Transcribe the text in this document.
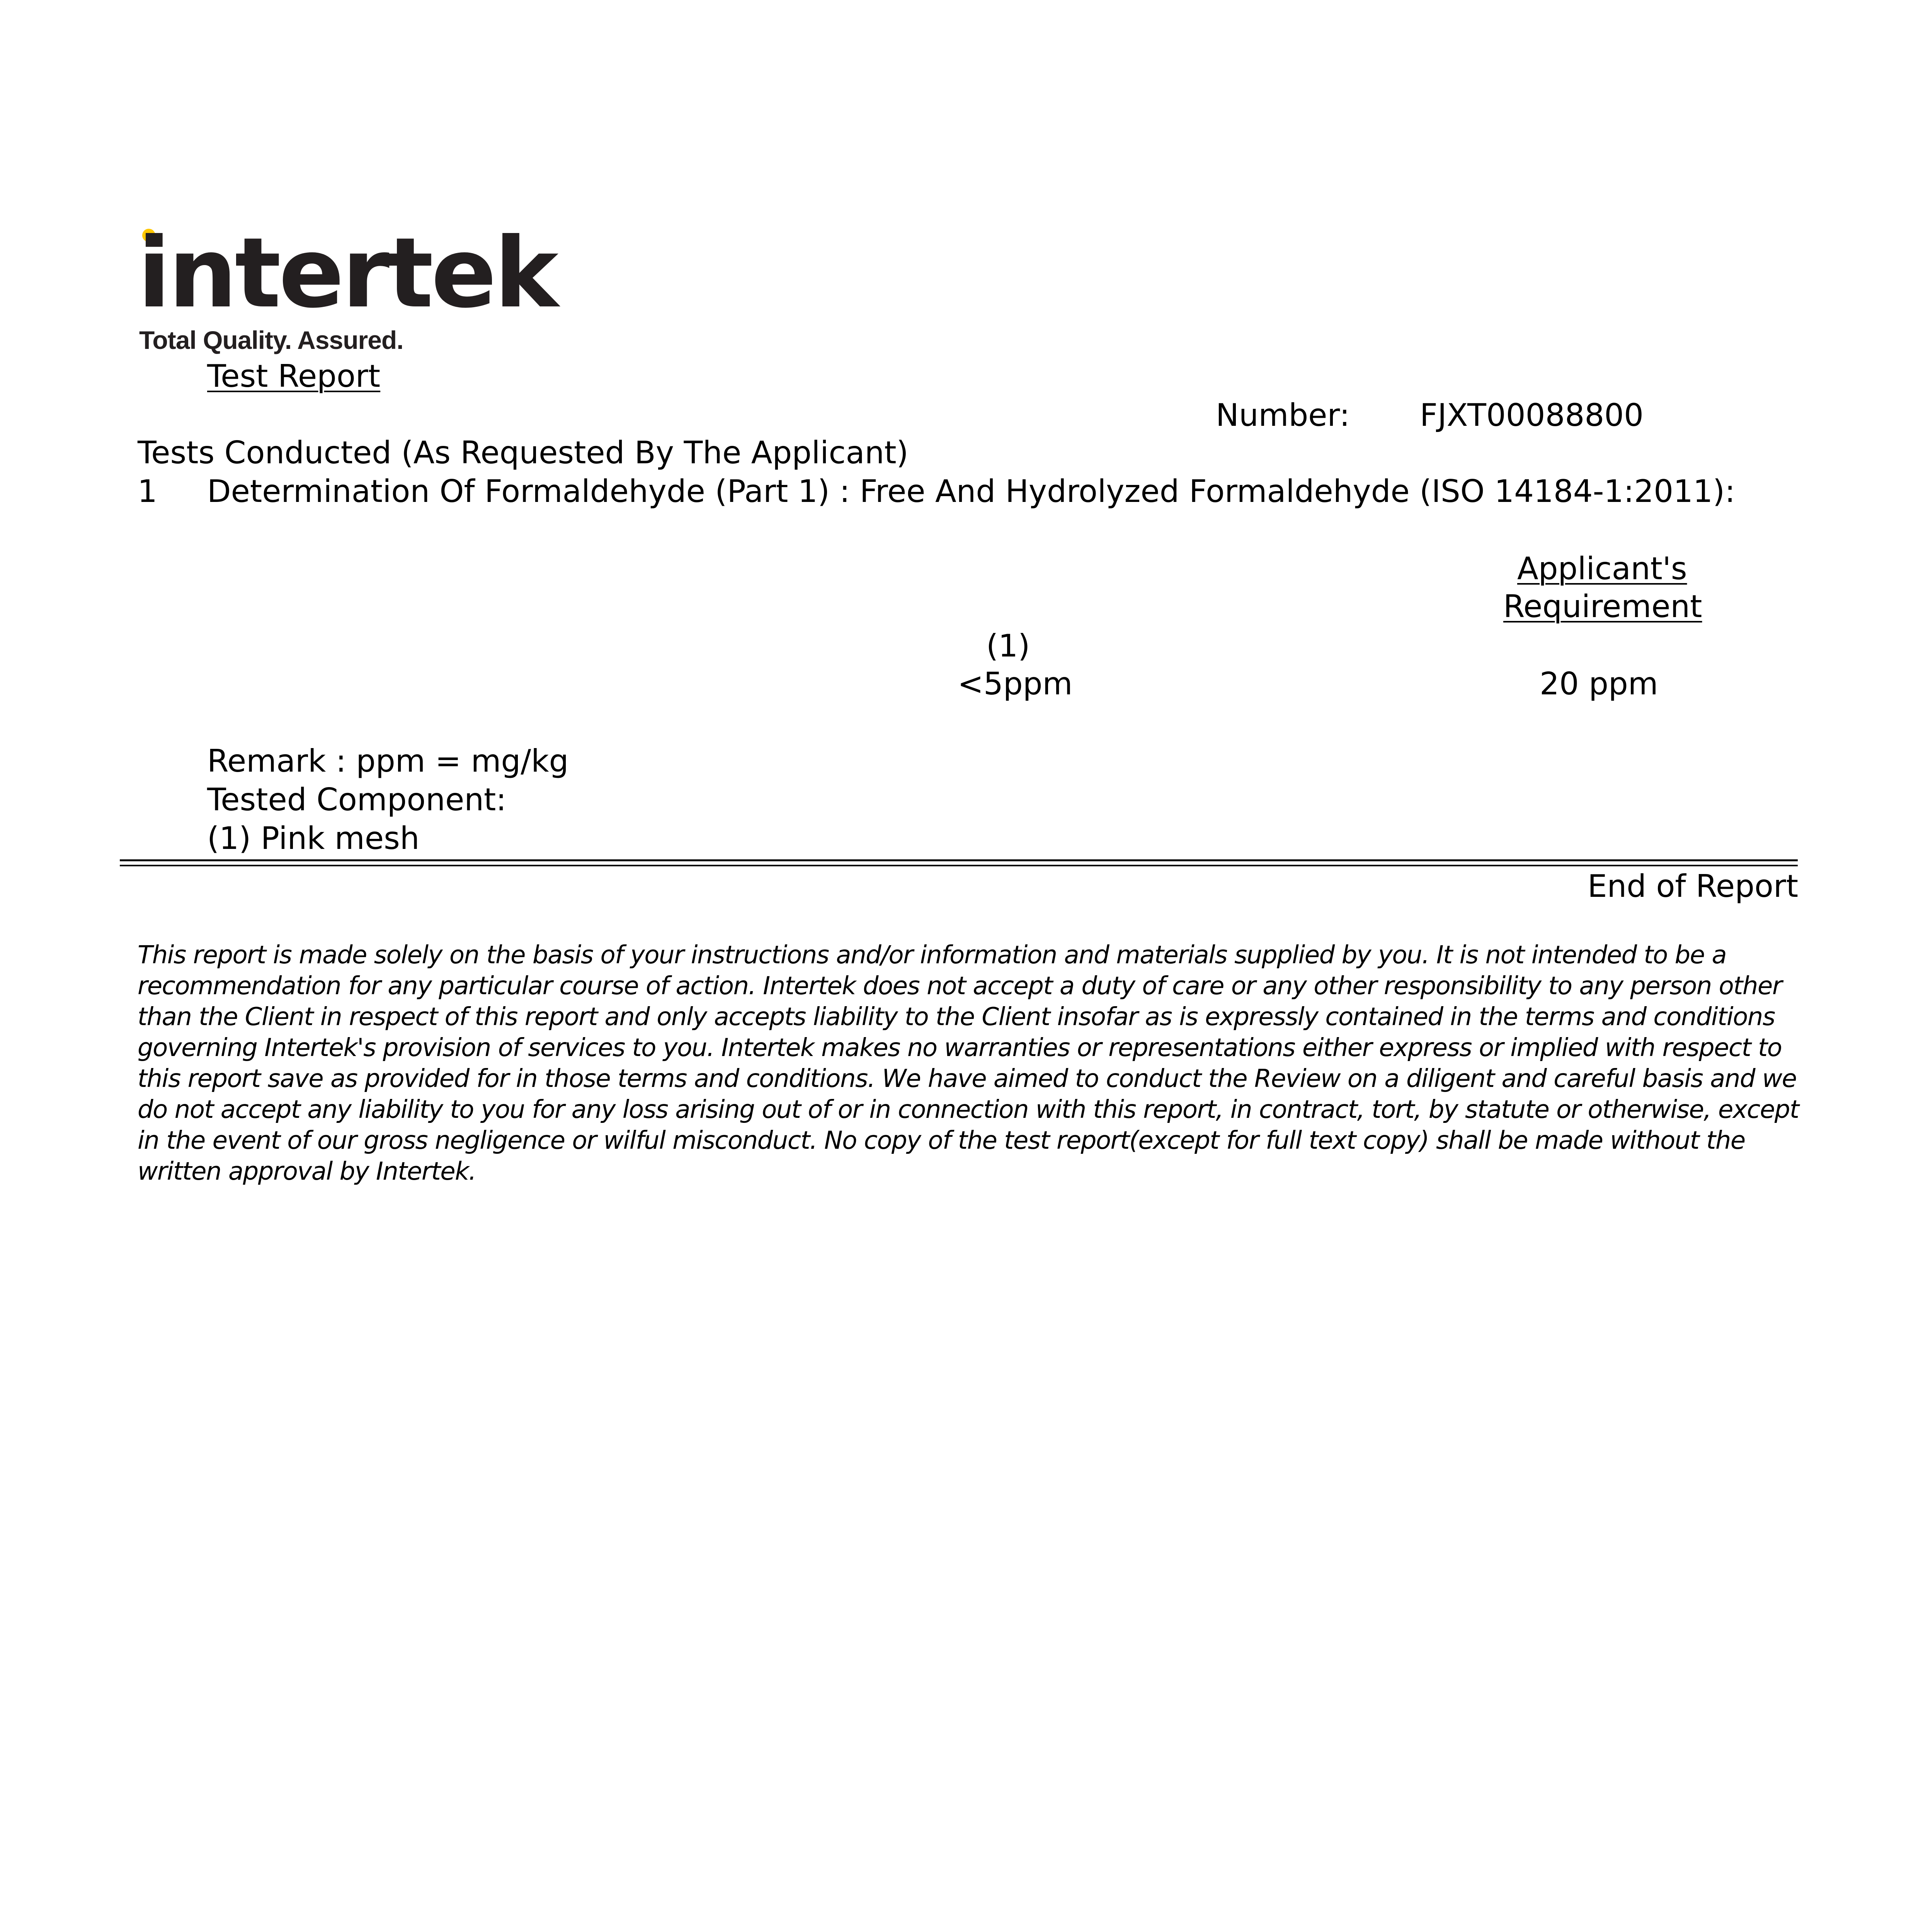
intertek
Total Quality. Assured.
Test Report
Number: FJXT00088800
Tests Conducted (As Requested By The Applicant)
1 Determination Of Formaldehyde (Part 1) : Free And Hydrolyzed Formaldehyde (ISO 14184-1:2011):
Applicant's
Requirement
(1)
<5ppm	20 ppm
Remark : ppm = mg/kg
Tested Component:
(1) Pink mesh
End of Report
This report is made solely on the basis of your instructions and/or information and materials supplied by you. It is not intended to be a recommendation for any particular course of action. Intertek does not accept a duty of care or any other responsibility to any person other than the Client in respect of this report and only accepts liability to the Client insofar as is expressly contained in the terms and conditions governing Intertek's provision of services to you. Intertek makes no warranties or representations either express or implied with respect to this report save as provided for in those terms and conditions. We have aimed to conduct the Review on a diligent and careful basis and we do not accept any liability to you for any loss arising out of or in connection with this report, in contract, tort, by statute or otherwise, except in the event of our gross negligence or wilful misconduct. No copy of the test report(except for full text copy) shall be made without the written approval by Intertek.
